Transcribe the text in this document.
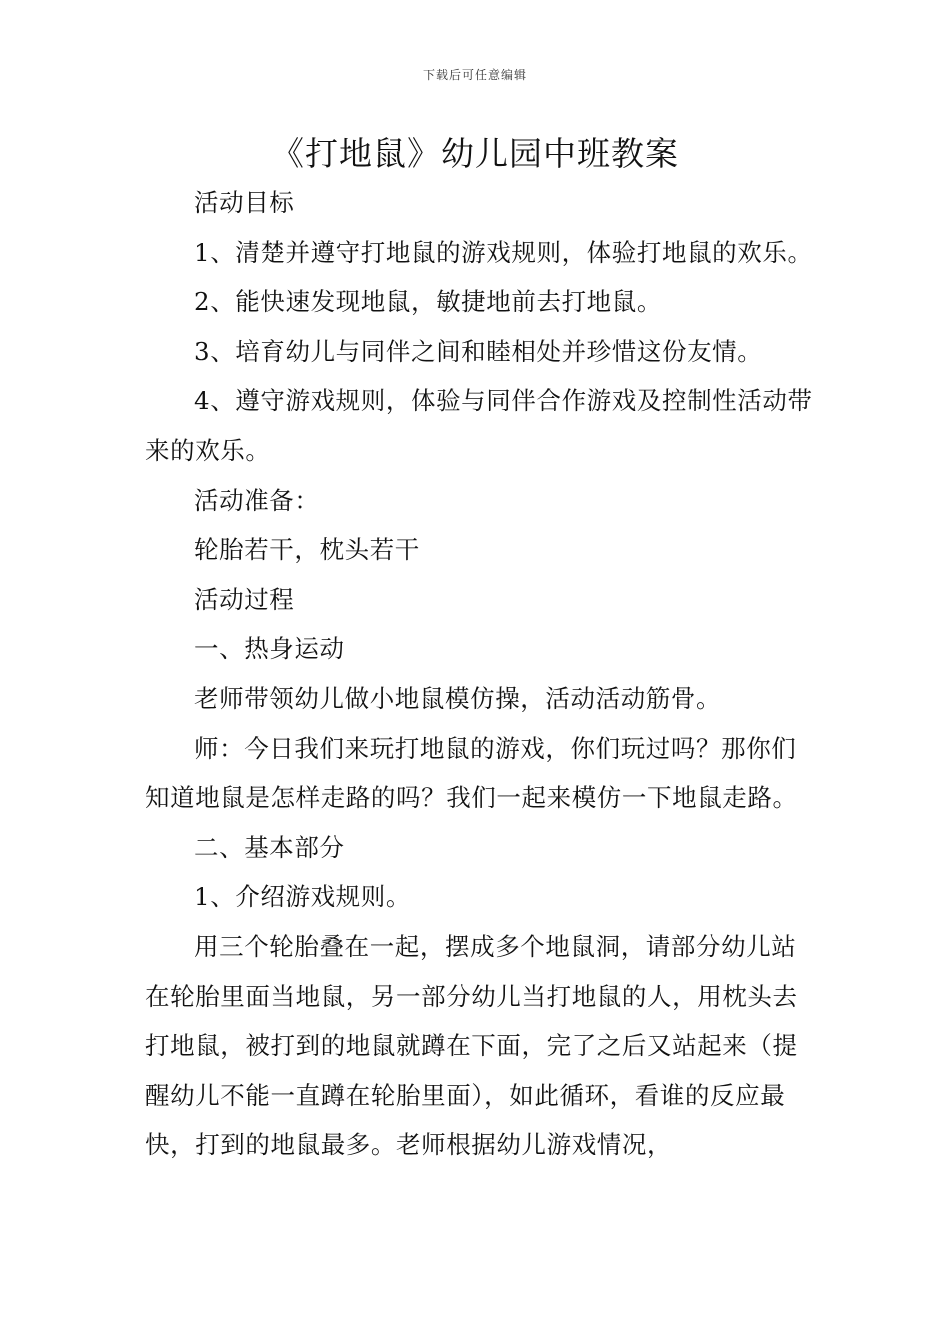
下载后可任意编辑
《打地鼠》幼儿园中班教案

活动目标

1、清楚并遵守打地鼠的游戏规则，体验打地鼠的欢乐。

2、能快速发现地鼠，敏捷地前去打地鼠。

3、培育幼儿与同伴之间和睦相处并珍惜这份友情。

4、遵守游戏规则，体验与同伴合作游戏及控制性活动带来的欢乐。

活动准备：

轮胎若干，枕头若干

活动过程

一、热身运动

老师带领幼儿做小地鼠模仿操，活动活动筋骨。

师：今日我们来玩打地鼠的游戏，你们玩过吗？那你们知道地鼠是怎样走路的吗？我们一起来模仿一下地鼠走路。

二、基本部分

1、介绍游戏规则。

用三个轮胎叠在一起，摆成多个地鼠洞，请部分幼儿站在轮胎里面当地鼠，另一部分幼儿当打地鼠的人，用枕头去打地鼠，被打到的地鼠就蹲在下面，完了之后又站起来（提醒幼儿不能一直蹲在轮胎里面），如此循环，看谁的反应最快，打到的地鼠最多。老师根据幼儿游戏情况，
